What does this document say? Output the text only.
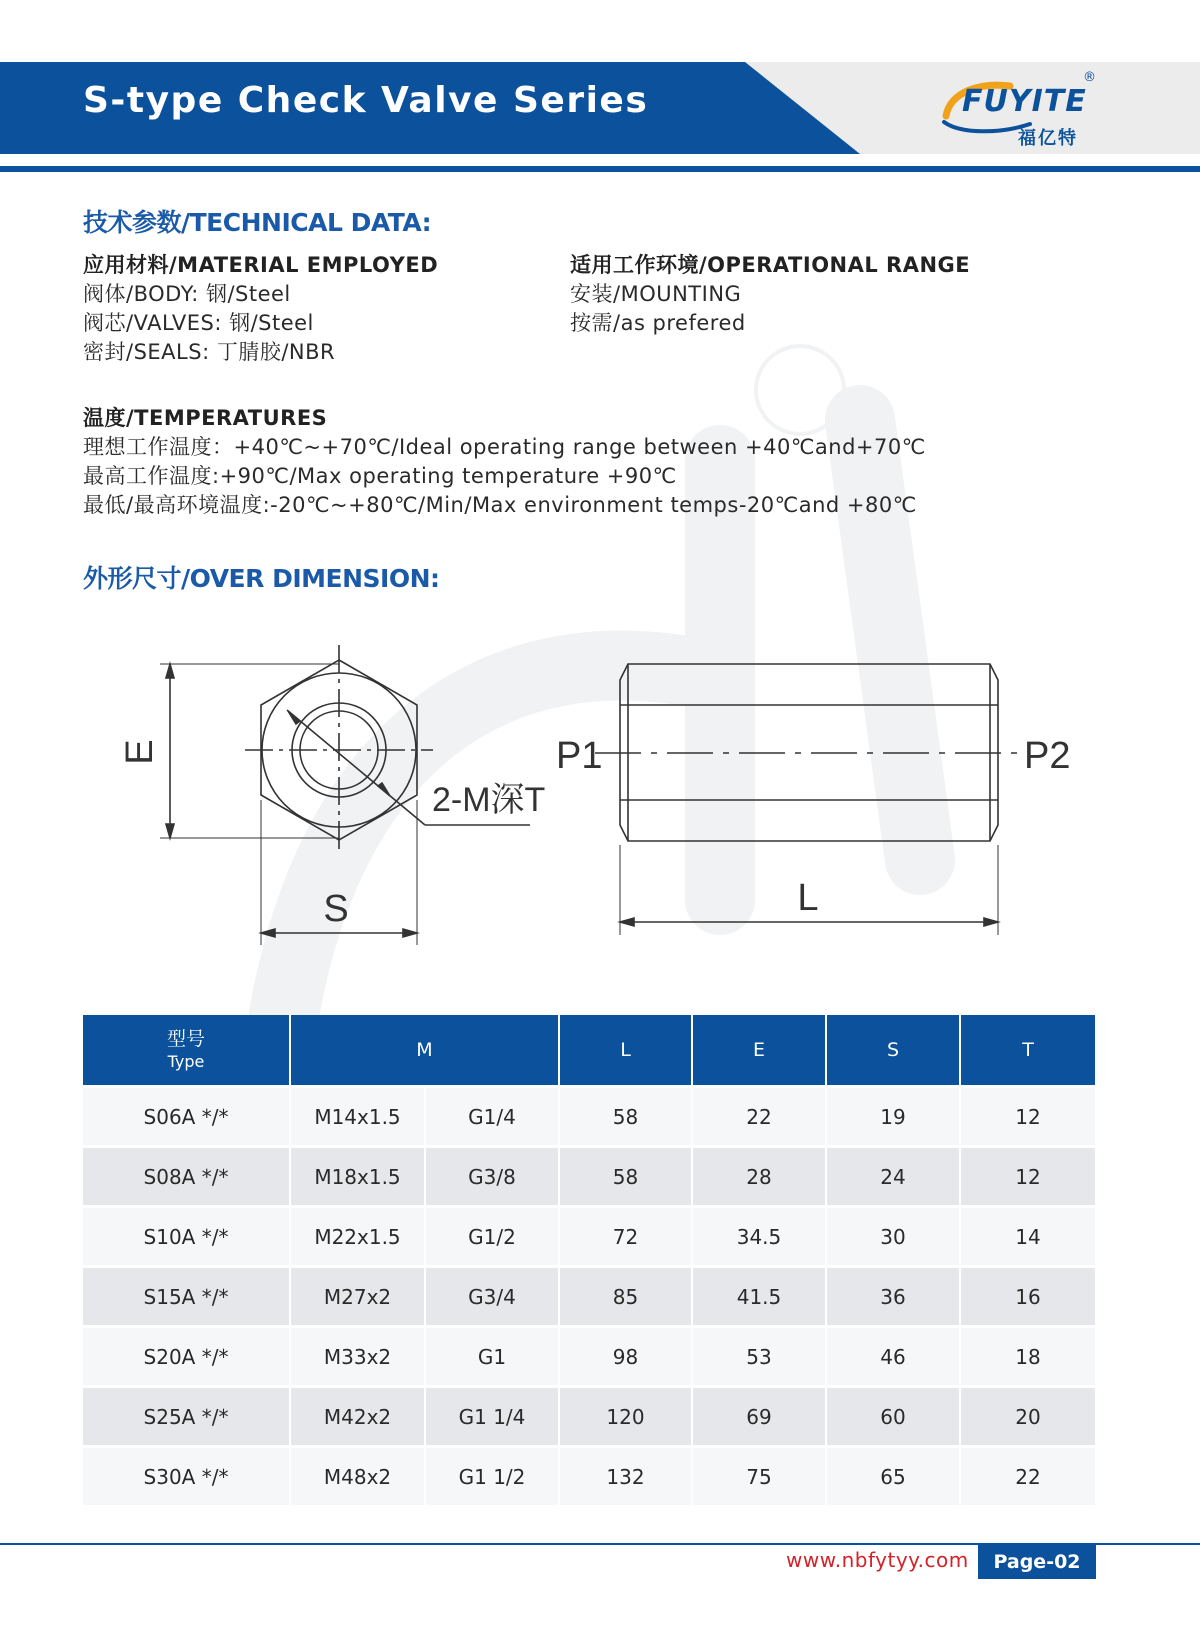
S-type Check Valve Series	FUYITE
福亿特
®
技术参数/TECHNICAL DATA:
应用材料/MATERIAL EMPLOYED
阀体/BODY: 钢/Steel
阀芯/VALVES: 钢/Steel
密封/SEALS: 丁腈胶/NBR
适用工作环境/OPERATIONAL RANGE
安装/MOUNTING
按需/as prefered
温度/TEMPERATURES
理想工作温度：+40℃~+70℃/Ideal operating range between +40℃and+70℃
最高工作温度:+90℃/Max operating temperature +90℃
最低/最高环境温度:-20℃~+80℃/Min/Max environment temps-20℃and +80℃
外形尺寸/OVER DIMENSION:
E
S
2-M深T
P1	P2
L
型号
Type	M		L	E	S	T
S06A */*	M14x1.5	G1/4	58	22	19	12
S08A */*	M18x1.5	G3/8	58	28	24	12
S10A */*	M22x1.5	G1/2	72	34.5	30	14
S15A */*	M27x2	G3/4	85	41.5	36	16
S20A */*	M33x2	G1	98	53	46	18
S25A */*	M42x2	G1 1/4	120	69	60	20
S30A */*	M48x2	G1 1/2	132	75	65	22
www.nbfytyy.com	Page-02
